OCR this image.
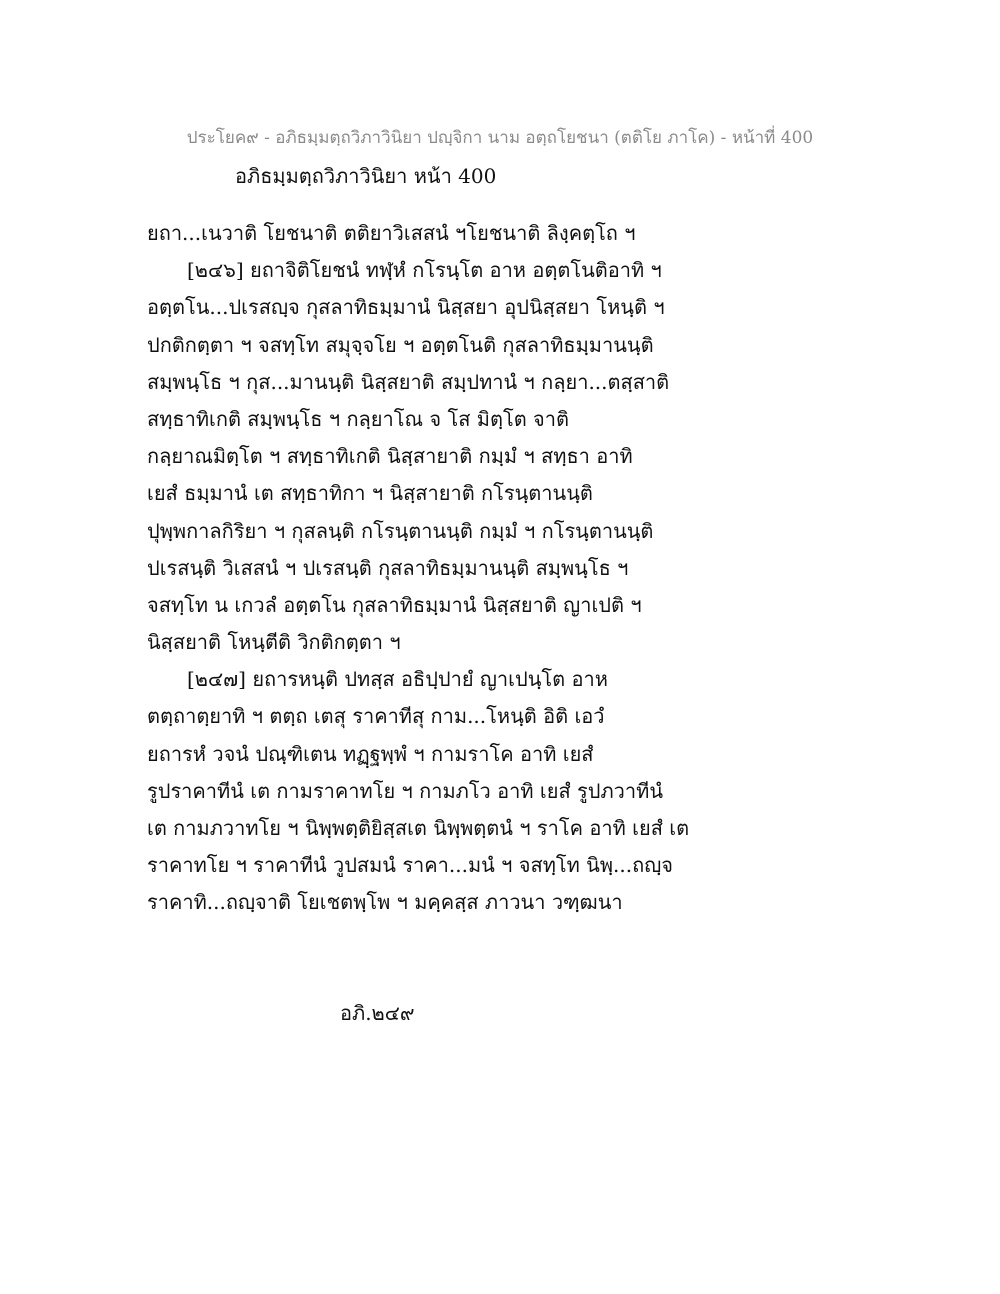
ประโยค๙ - อภิธมฺมตฺถวิภาวินิยา ปญฺจิกา นาม อตฺถโยชนา (ตติโย ภาโค) - หน้าที่ 400
อภิธมฺมตฺถวิภาวินิยา หน้า 400
ยถา...เนวาติ โยชนาติ ตติยาวิเสสนํ ฯโยชนาติ ลิงฺคตฺโถ ฯ
[๒๔๖] ยถาจิติโยชนํ ทฬฺหํ กโรนฺโต อาห อตฺตโนติอาทิ ฯ
อตฺตโน...ปเรสญฺจ กุสลาทิธมฺมานํ นิสฺสยา อุปนิสฺสยา โหนฺติ ฯ
ปกติกตฺตา ฯ จสทฺโท สมุจฺจโย ฯ อตฺตโนติ กุสลาทิธมฺมานนฺติ
สมฺพนฺโธ ฯ กุส...มานนฺติ นิสฺสยาติ สมฺปทานํ ฯ กลฺยา...ตสฺสาติ
สทฺธาทิเกติ สมฺพนฺโธ ฯ กลฺยาโณ จ โส มิตฺโต จาติ
กลฺยาณมิตฺโต ฯ สทฺธาทิเกติ นิสฺสายาติ กมฺมํ ฯ สทฺธา อาทิ
เยสํ ธมฺมานํ เต สทฺธาทิกา ฯ นิสฺสายาติ กโรนฺตานนฺติ
ปุพฺพกาลกิริยา ฯ กุสลนฺติ กโรนฺตานนฺติ กมฺมํ ฯ กโรนฺตานนฺติ
ปเรสนฺติ วิเสสนํ ฯ ปเรสนฺติ กุสลาทิธมฺมานนฺติ สมฺพนฺโธ ฯ
จสทฺโท น เกวลํ อตฺตโน กุสลาทิธมฺมานํ นิสฺสยาติ ญาเปติ ฯ
นิสฺสยาติ โหนฺตีติ วิกติกตฺตา ฯ
[๒๔๗] ยถารหนฺติ ปทสฺส อธิปฺปายํ ญาเปนฺโต อาห
ตตฺถาตฺยาทิ ฯ ตตฺถ เตสุ ราคาทีสุ กาม...โหนฺติ อิติ เอวํ
ยถารหํ วจนํ ปณฺฑิเตน ทฏฺฐพฺพํ ฯ กามราโค อาทิ เยสํ
รูปราคาทีนํ เต กามราคาทโย ฯ กามภโว อาทิ เยสํ รูปภวาทีนํ
เต กามภวาทโย ฯ นิพฺพตฺติยิสฺสเต นิพฺพตฺตนํ ฯ ราโค อาทิ เยสํ เต
ราคาทโย ฯ ราคาทีนํ วูปสมนํ ราคา...มนํ ฯ จสทฺโท นิพฺ...ถญฺจ
ราคาทิ...ถญฺจาติ โยเชตพฺโพ ฯ มคฺคสฺส ภาวนา วฑฺฒนา
อภิ.๒๔๙
